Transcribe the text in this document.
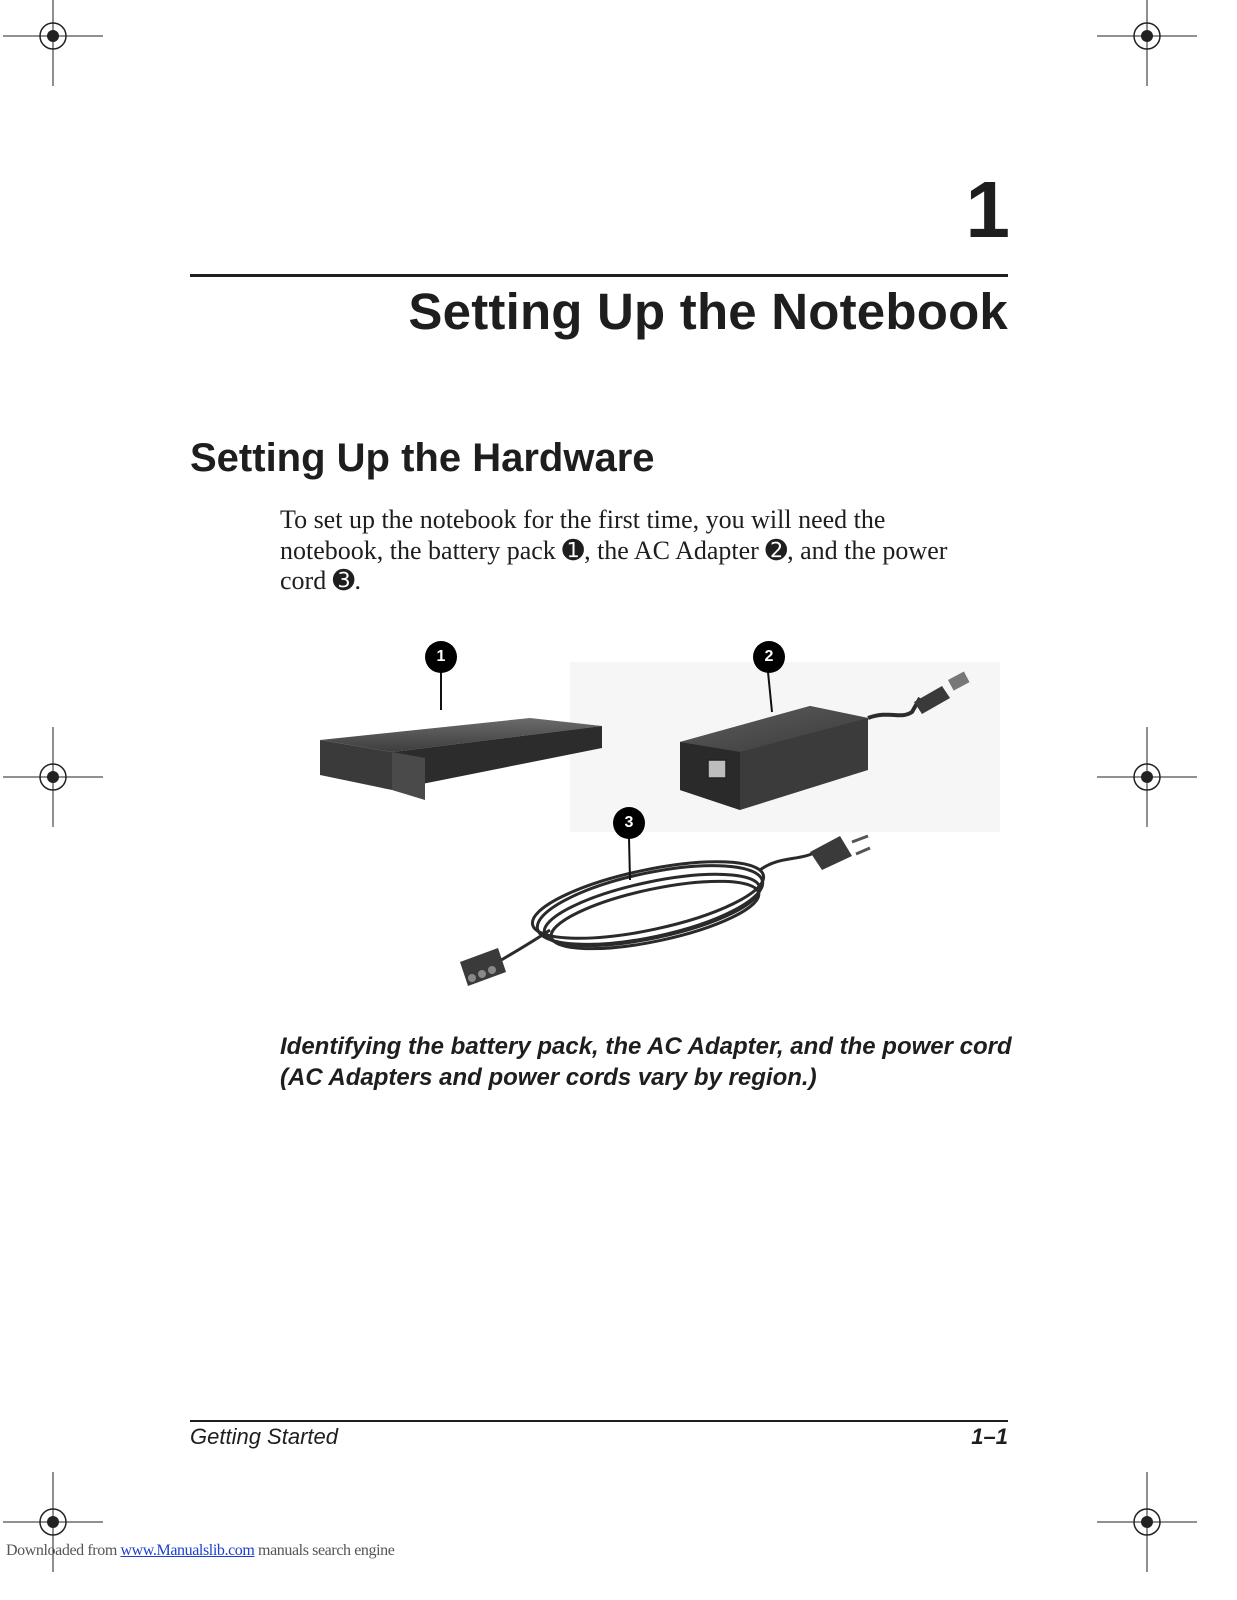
1
Setting Up the Notebook
Setting Up the Hardware
To set up the notebook for the first time, you will need the notebook, the battery pack ➊, the AC Adapter ➋, and the power cord ➌.
1	2
3
Identifying the battery pack, the AC Adapter, and the power cord (AC Adapters and power cords vary by region.)
Getting Started	1–1
Downloaded from www.Manualslib.com manuals search engine
